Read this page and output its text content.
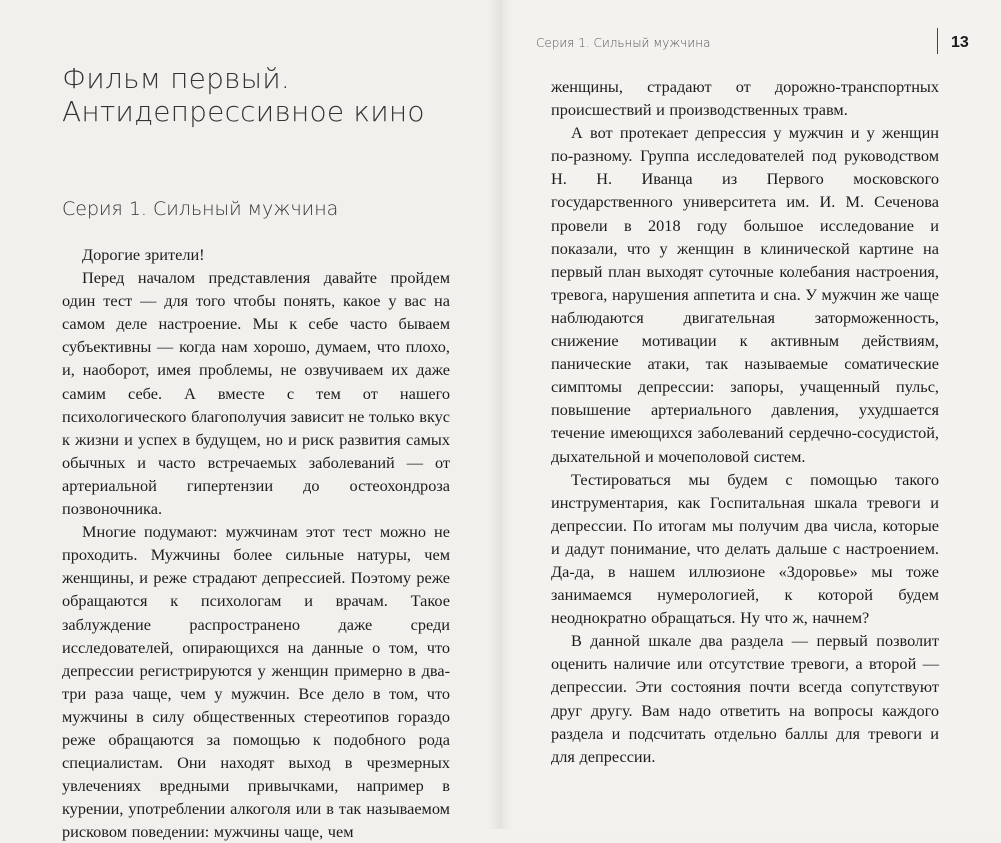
Фильм первый.
Антидепрессивное кино
Серия 1. Сильный мужчина

Дорогие зрители!

Перед началом представления давайте пройдем один тест — для того чтобы понять, какое у вас на самом деле настроение. Мы к себе часто бываем субъективны — когда нам хорошо, думаем, что плохо, и, наоборот, имея проблемы, не озвучиваем их даже самим себе. А вместе с тем от нашего психологического благополучия зависит не только вкус к жизни и успех в будущем, но и риск развития самых обычных и часто встречаемых заболеваний — от артериальной гипертензии до остеохондроза позвоночника.

Многие подумают: мужчинам этот тест можно не проходить. Мужчины более сильные натуры, чем женщины, и реже страдают депрессией. Поэтому реже обращаются к психологам и врачам. Такое заблуждение распространено даже среди исследователей, опирающихся на данные о том, что депрессии регистрируются у женщин примерно в два-три раза чаще, чем у мужчин. Все дело в том, что мужчины в силу общественных стереотипов гораздо реже обращаются за помощью к подобного рода специалистам. Они находят выход в чрезмерных увлечениях вредными привычками, например в курении, употреблении алкоголя или в так называемом рисковом поведении: мужчины чаще, чем

Серия 1. Сильный мужчина	13

женщины, страдают от дорожно-транспортных происшествий и производственных травм.

А вот протекает депрессия у мужчин и у женщин по-разному. Группа исследователей под руководством Н. Н. Иванца из Первого московского государственного университета им. И. М. Сеченова провели в 2018 году большое исследование и показали, что у женщин в клинической картине на первый план выходят суточные колебания настроения, тревога, нарушения аппетита и сна. У мужчин же чаще наблюдаются двигательная заторможенность, снижение мотивации к активным действиям, панические атаки, так называемые соматические симптомы депрессии: запоры, учащенный пульс, повышение артериального давления, ухудшается течение имеющихся заболеваний сердечно-сосудистой, дыхательной и мочеполовой систем.

Тестироваться мы будем с помощью такого инструментария, как Госпитальная шкала тревоги и депрессии. По итогам мы получим два числа, которые и дадут понимание, что делать дальше с настроением. Да-да, в нашем иллюзионе «Здоровье» мы тоже занимаемся нумерологией, к которой будем неоднократно обращаться. Ну что ж, начнем?

В данной шкале два раздела — первый позволит оценить наличие или отсутствие тревоги, а второй — депрессии. Эти состояния почти всегда сопутствуют друг другу. Вам надо ответить на вопросы каждого раздела и подсчитать отдельно баллы для тревоги и для депрессии.
